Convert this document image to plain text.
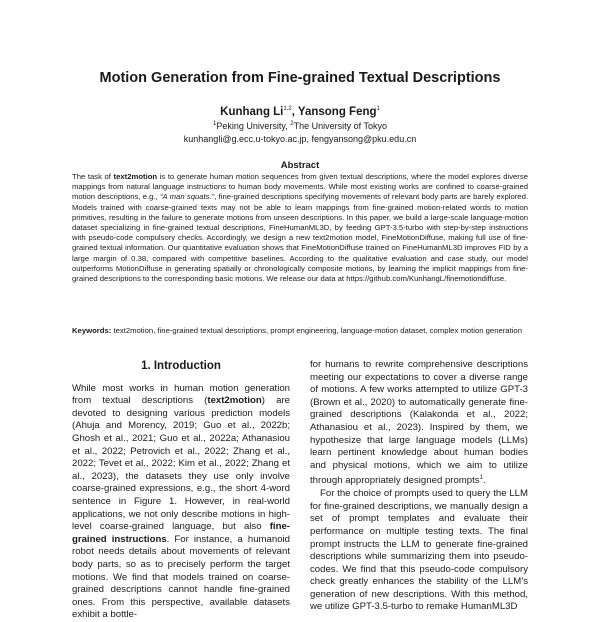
Motion Generation from Fine-grained Textual Descriptions
Kunhang Li$^{1,2}$, Yansong Feng$^1$
$^1$Peking University, $^2$The University of Tokyo
kunhangli@g.ecc.u-tokyo.ac.jp, fengyansong@pku.edu.cn
Abstract
The task of text2motion is to generate human motion sequences from given textual descriptions, where the model explores diverse mappings from natural language instructions to human body movements. While most existing works are confined to coarse-grained motion descriptions, e.g., “A man squats.”, fine-grained descriptions specifying movements of relevant body parts are barely explored. Models trained with coarse-grained texts may not be able to learn mappings from fine-grained motion-related words to motion primitives, resulting in the failure to generate motions from unseen descriptions. In this paper, we build a large-scale language-motion dataset specializing in fine-grained textual descriptions, FineHumanML3D, by feeding GPT-3.5-turbo with step-by-step instructions with pseudo-code compulsory checks. Accordingly, we design a new text2motion model, FineMotionDiffuse, making full use of fine-grained textual information. Our quantitative evaluation shows that FineMotionDiffuse trained on FineHumanML3D improves FID by a large margin of 0.38, compared with competitive baselines. According to the qualitative evaluation and case study, our model outperforms MotionDiffuse in generating spatially or chronologically composite motions, by learning the implicit mappings from fine-grained descriptions to the corresponding basic motions. We release our data at https://github.com/KunhangL/finemotiondiffuse.
Keywords: text2motion, fine-grained textual descriptions, prompt engineering, language-motion dataset, complex motion generation
1. Introduction

While most works in human motion generation from textual descriptions (text2motion) are devoted to designing various prediction models (Ahuja and Morency, 2019; Guo et al., 2022b; Ghosh et al., 2021; Guo et al., 2022a; Athanasiou et al., 2022; Petrovich et al., 2022; Zhang et al., 2022; Tevet et al., 2022; Kim et al., 2022; Zhang et al., 2023), the datasets they use only involve coarse-grained expressions, e.g., the short 4-word sentence in Figure 1. However, in real-world applications, we not only describe motions in high-level coarse-grained language, but also fine-grained instructions. For instance, a humanoid robot needs details about movements of relevant body parts, so as to precisely perform the target motions. We find that models trained on coarse-grained descriptions cannot handle fine-grained ones. From this perspective, available datasets exhibit a bottle-

for humans to rewrite comprehensive descriptions meeting our expectations to cover a diverse range of motions. A few works attempted to utilize GPT-3 (Brown et al., 2020) to automatically generate fine-grained descriptions (Kalakonda et al., 2022; Athanasiou et al., 2023). Inspired by them, we hypothesize that large language models (LLMs) learn pertinent knowledge about human bodies and physical motions, which we aim to utilize through appropriately designed prompts$^1$.

For the choice of prompts used to query the LLM for fine-grained descriptions, we manually design a set of prompt templates and evaluate their performance on multiple testing texts. The final prompt instructs the LLM to generate fine-grained descriptions while summarizing them into pseudo-codes. We find that this pseudo-code compulsory check greatly enhances the stability of the LLM’s generation of new descriptions. With this method, we utilize GPT-3.5-turbo to remake HumanML3D
